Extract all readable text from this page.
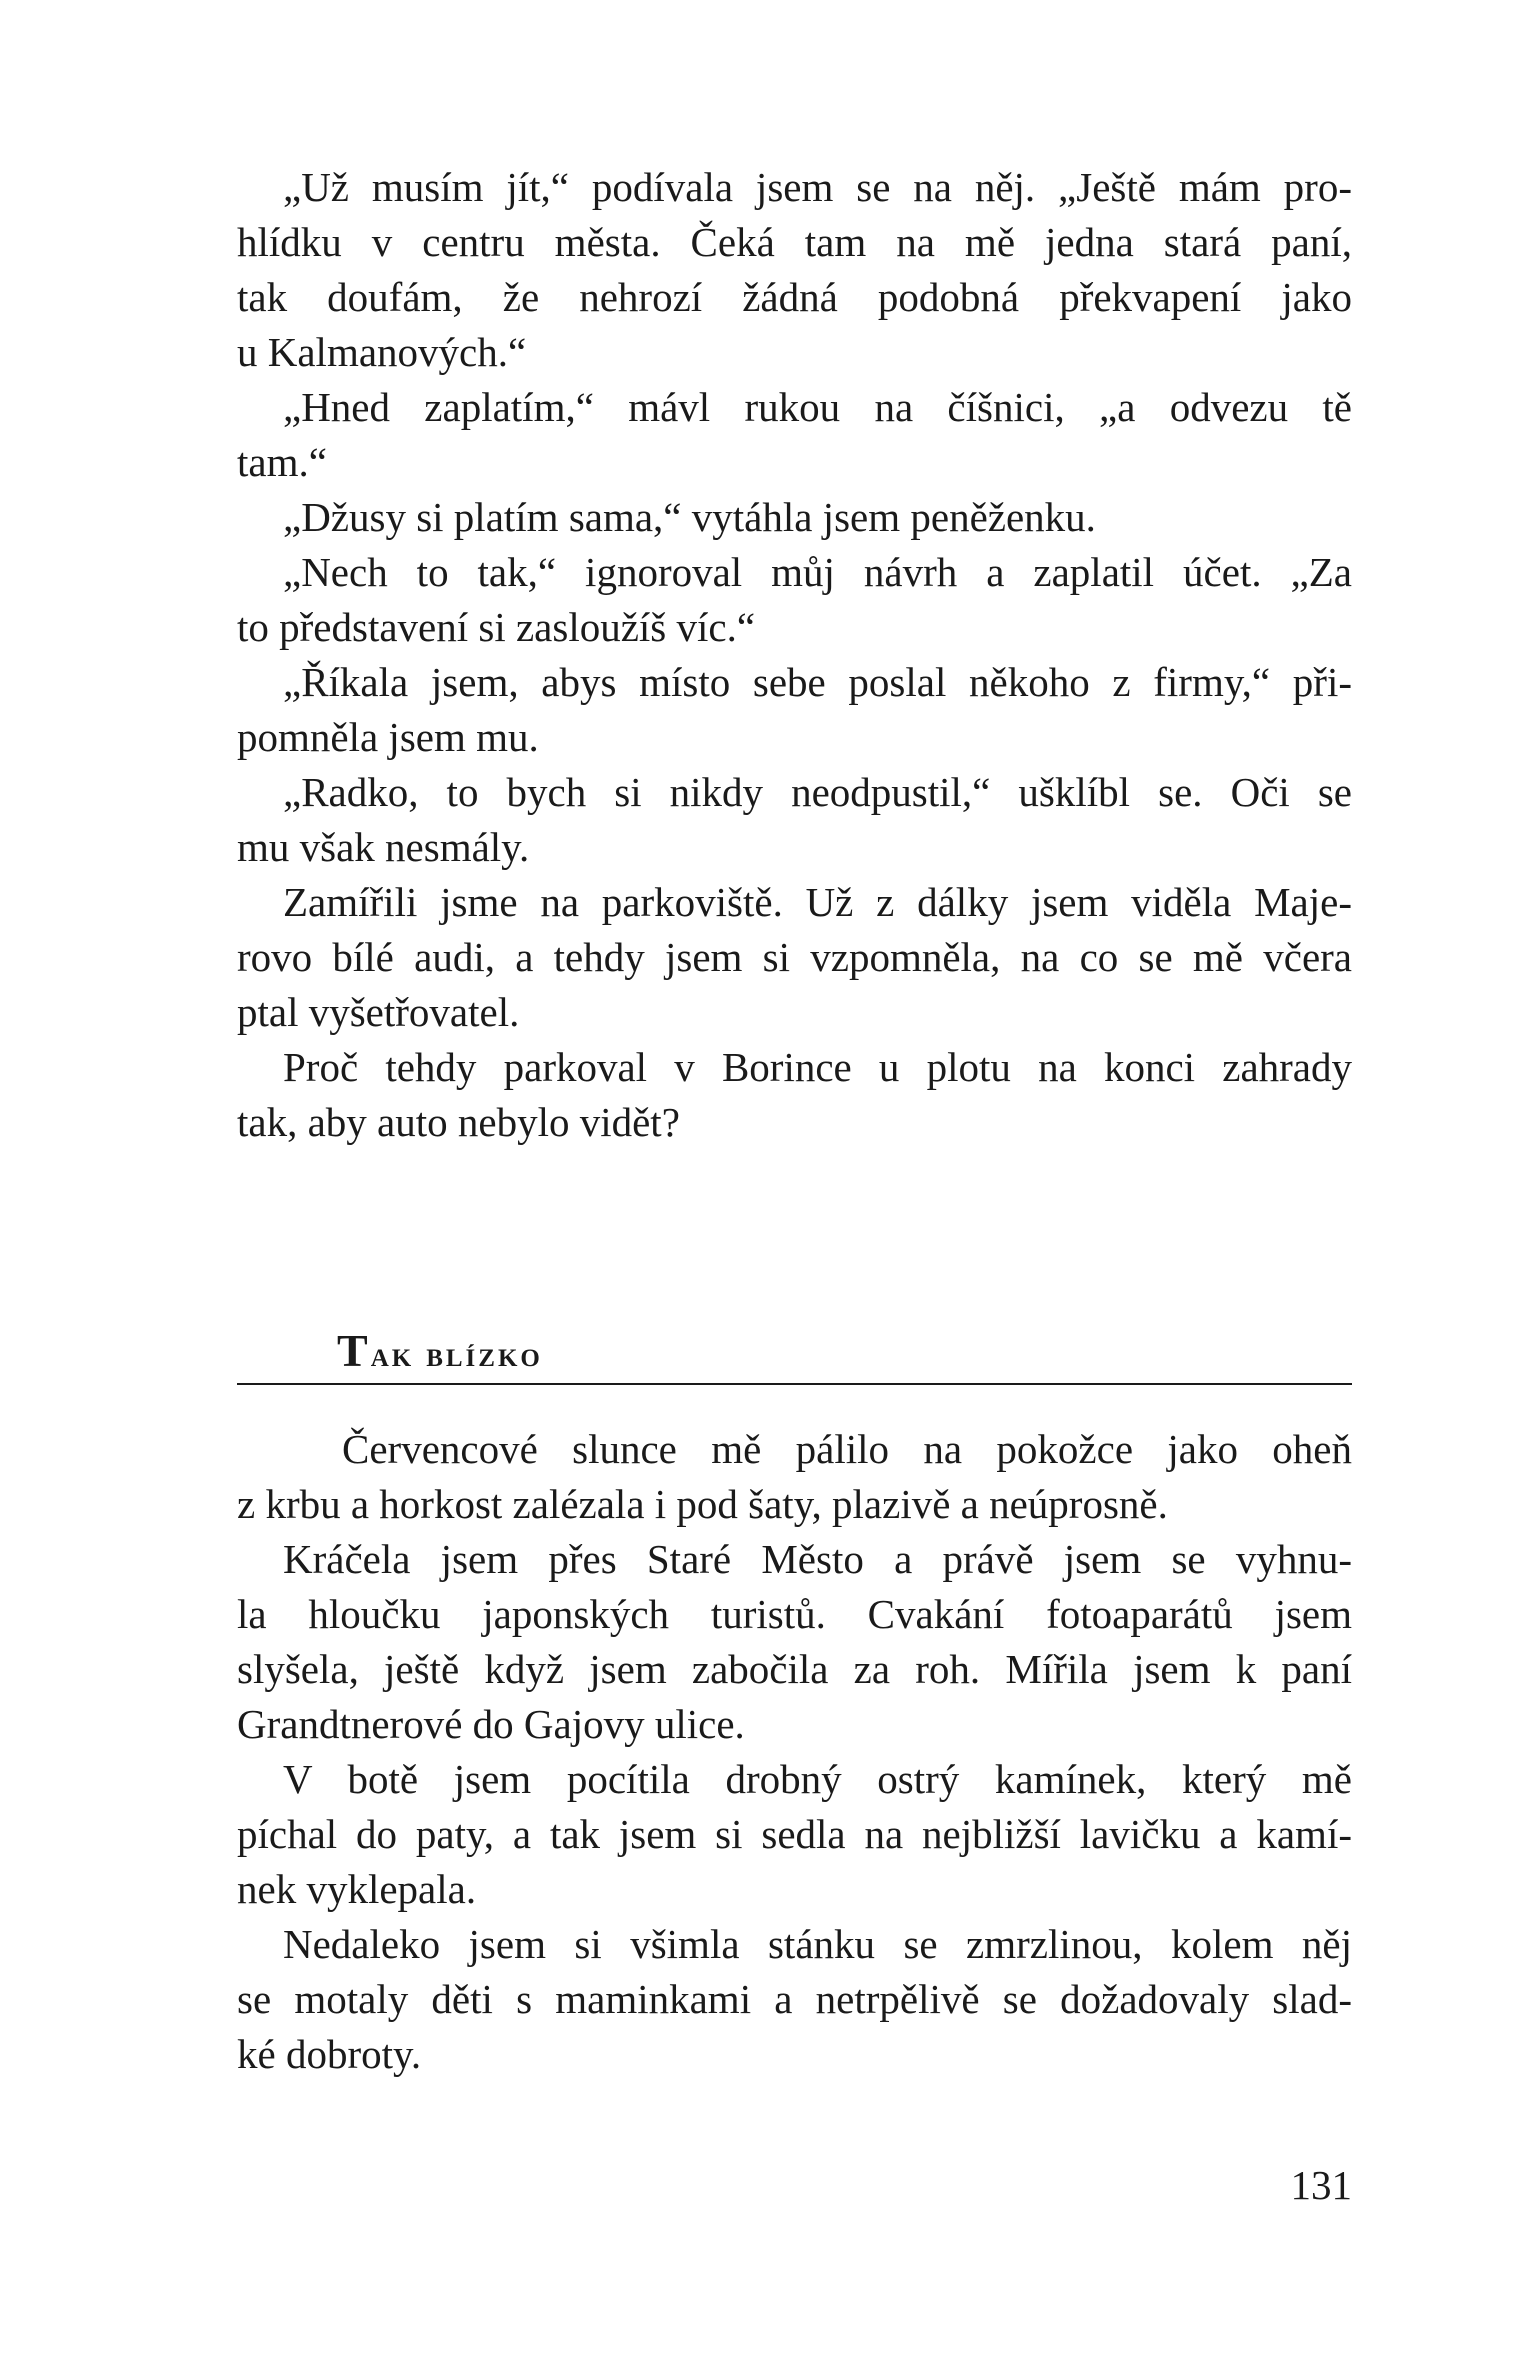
„Už musím jít,“ podívala jsem se na něj. „Ještě mám pro-
hlídku v centru města. Čeká tam na mě jedna stará paní,
tak doufám, že nehrozí žádná podobná překvapení jako
u Kalmanových.“
„Hned zaplatím,“ mávl rukou na číšnici, „a odvezu tě
tam.“
„Džusy si platím sama,“ vytáhla jsem peněženku.
„Nech to tak,“ ignoroval můj návrh a zaplatil účet. „Za
to představení si zasloužíš víc.“
„Říkala jsem, abys místo sebe poslal někoho z firmy,“ při-
pomněla jsem mu.
„Radko, to bych si nikdy neodpustil,“ ušklíbl se. Oči se
mu však nesmály.
Zamířili jsme na parkoviště. Už z dálky jsem viděla Maje-
rovo bílé audi, a tehdy jsem si vzpomněla, na co se mě včera
ptal vyšetřovatel.
Proč tehdy parkoval v Borince u plotu na konci zahrady
tak, aby auto nebylo vidět?
Tak blízko
Červencové slunce mě pálilo na pokožce jako oheň
z krbu a horkost zalézala i pod šaty, plazivě a neúprosně.
Kráčela jsem přes Staré Město a právě jsem se vyhnu-
la hloučku japonských turistů. Cvakání fotoaparátů jsem
slyšela, ještě když jsem zabočila za roh. Mířila jsem k paní
Grandtnerové do Gajovy ulice.
V botě jsem pocítila drobný ostrý kamínek, který mě
píchal do paty, a tak jsem si sedla na nejbližší lavičku a kamí-
nek vyklepala.
Nedaleko jsem si všimla stánku se zmrzlinou, kolem něj
se motaly děti s maminkami a netrpělivě se dožadovaly slad-
ké dobroty.
131
